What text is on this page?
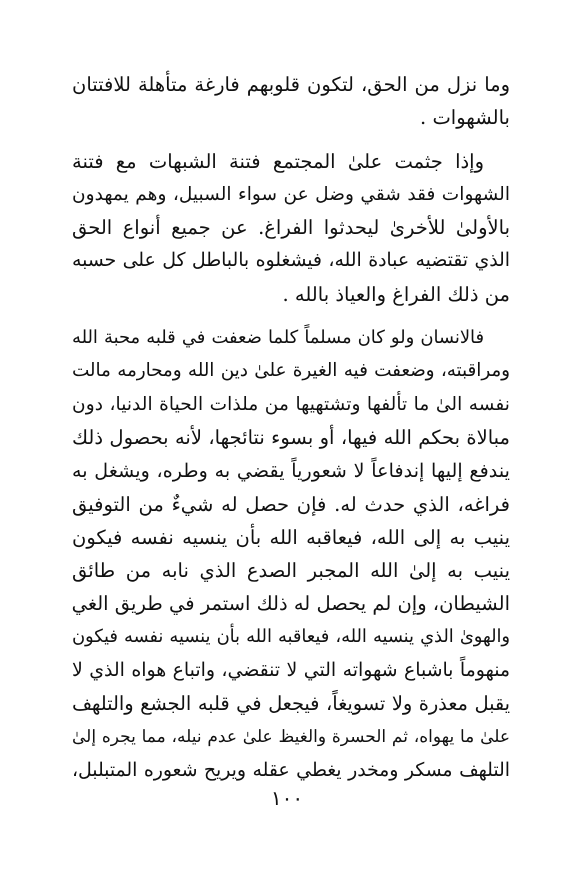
وما نزل من الحق، لتكون قلوبهم فارغة متأهلة للافتتان
بالشهوات .

وإذا جثمت علىٰ المجتمع فتنة الشبهات مع فتنة
الشهوات فقد شقي وضل عن سواء السبيل، وهم يمهدون
بالأولىٰ للأخرىٰ ليحدثوا الفراغ. عن جميع أنواع الحق
الذي تقتضيه عبادة الله، فيشغلوه بالباطل كل على حسبه
من ذلك الفراغ والعياذ بالله .

فالانسان ولو كان مسلماً كلما ضعفت في قلبه محبة الله
ومراقبته، وضعفت فيه الغيرة علىٰ دين الله ومحارمه مالت
نفسه الىٰ ما تألفها وتشتهيها من ملذات الحياة الدنيا، دون
مبالاة بحكم الله فيها، أو بسوء نتائجها، لأنه بحصول ذلك
يندفع إليها إندفاعاً لا شعورياً يقضي به وطره، ويشغل به
فراغه، الذي حدث له. فإن حصل له شيءٌ من التوفيق
ينيب به إلى الله، فيعاقبه الله بأن ينسيه نفسه فيكون
ينيب به إلىٰ الله المجبر الصدع الذي نابه من طائق
الشيطان، وإن لم يحصل له ذلك استمر في طريق الغي
والهوىٰ الذي ينسيه الله، فيعاقبه الله بأن ينسيه نفسه فيكون
منهوماً باشباع شهواته التي لا تنقضي، واتباع هواه الذي لا
يقبل معذرة ولا تسويغاً، فيجعل في قلبه الجشع والتلهف
علىٰ ما يهواه، ثم الحسرة والغيظ علىٰ عدم نيله، مما يجره إلىٰ
التلهف مسكر ومخدر يغطي عقله ويريح شعوره المتبلبل،

١٠٠
